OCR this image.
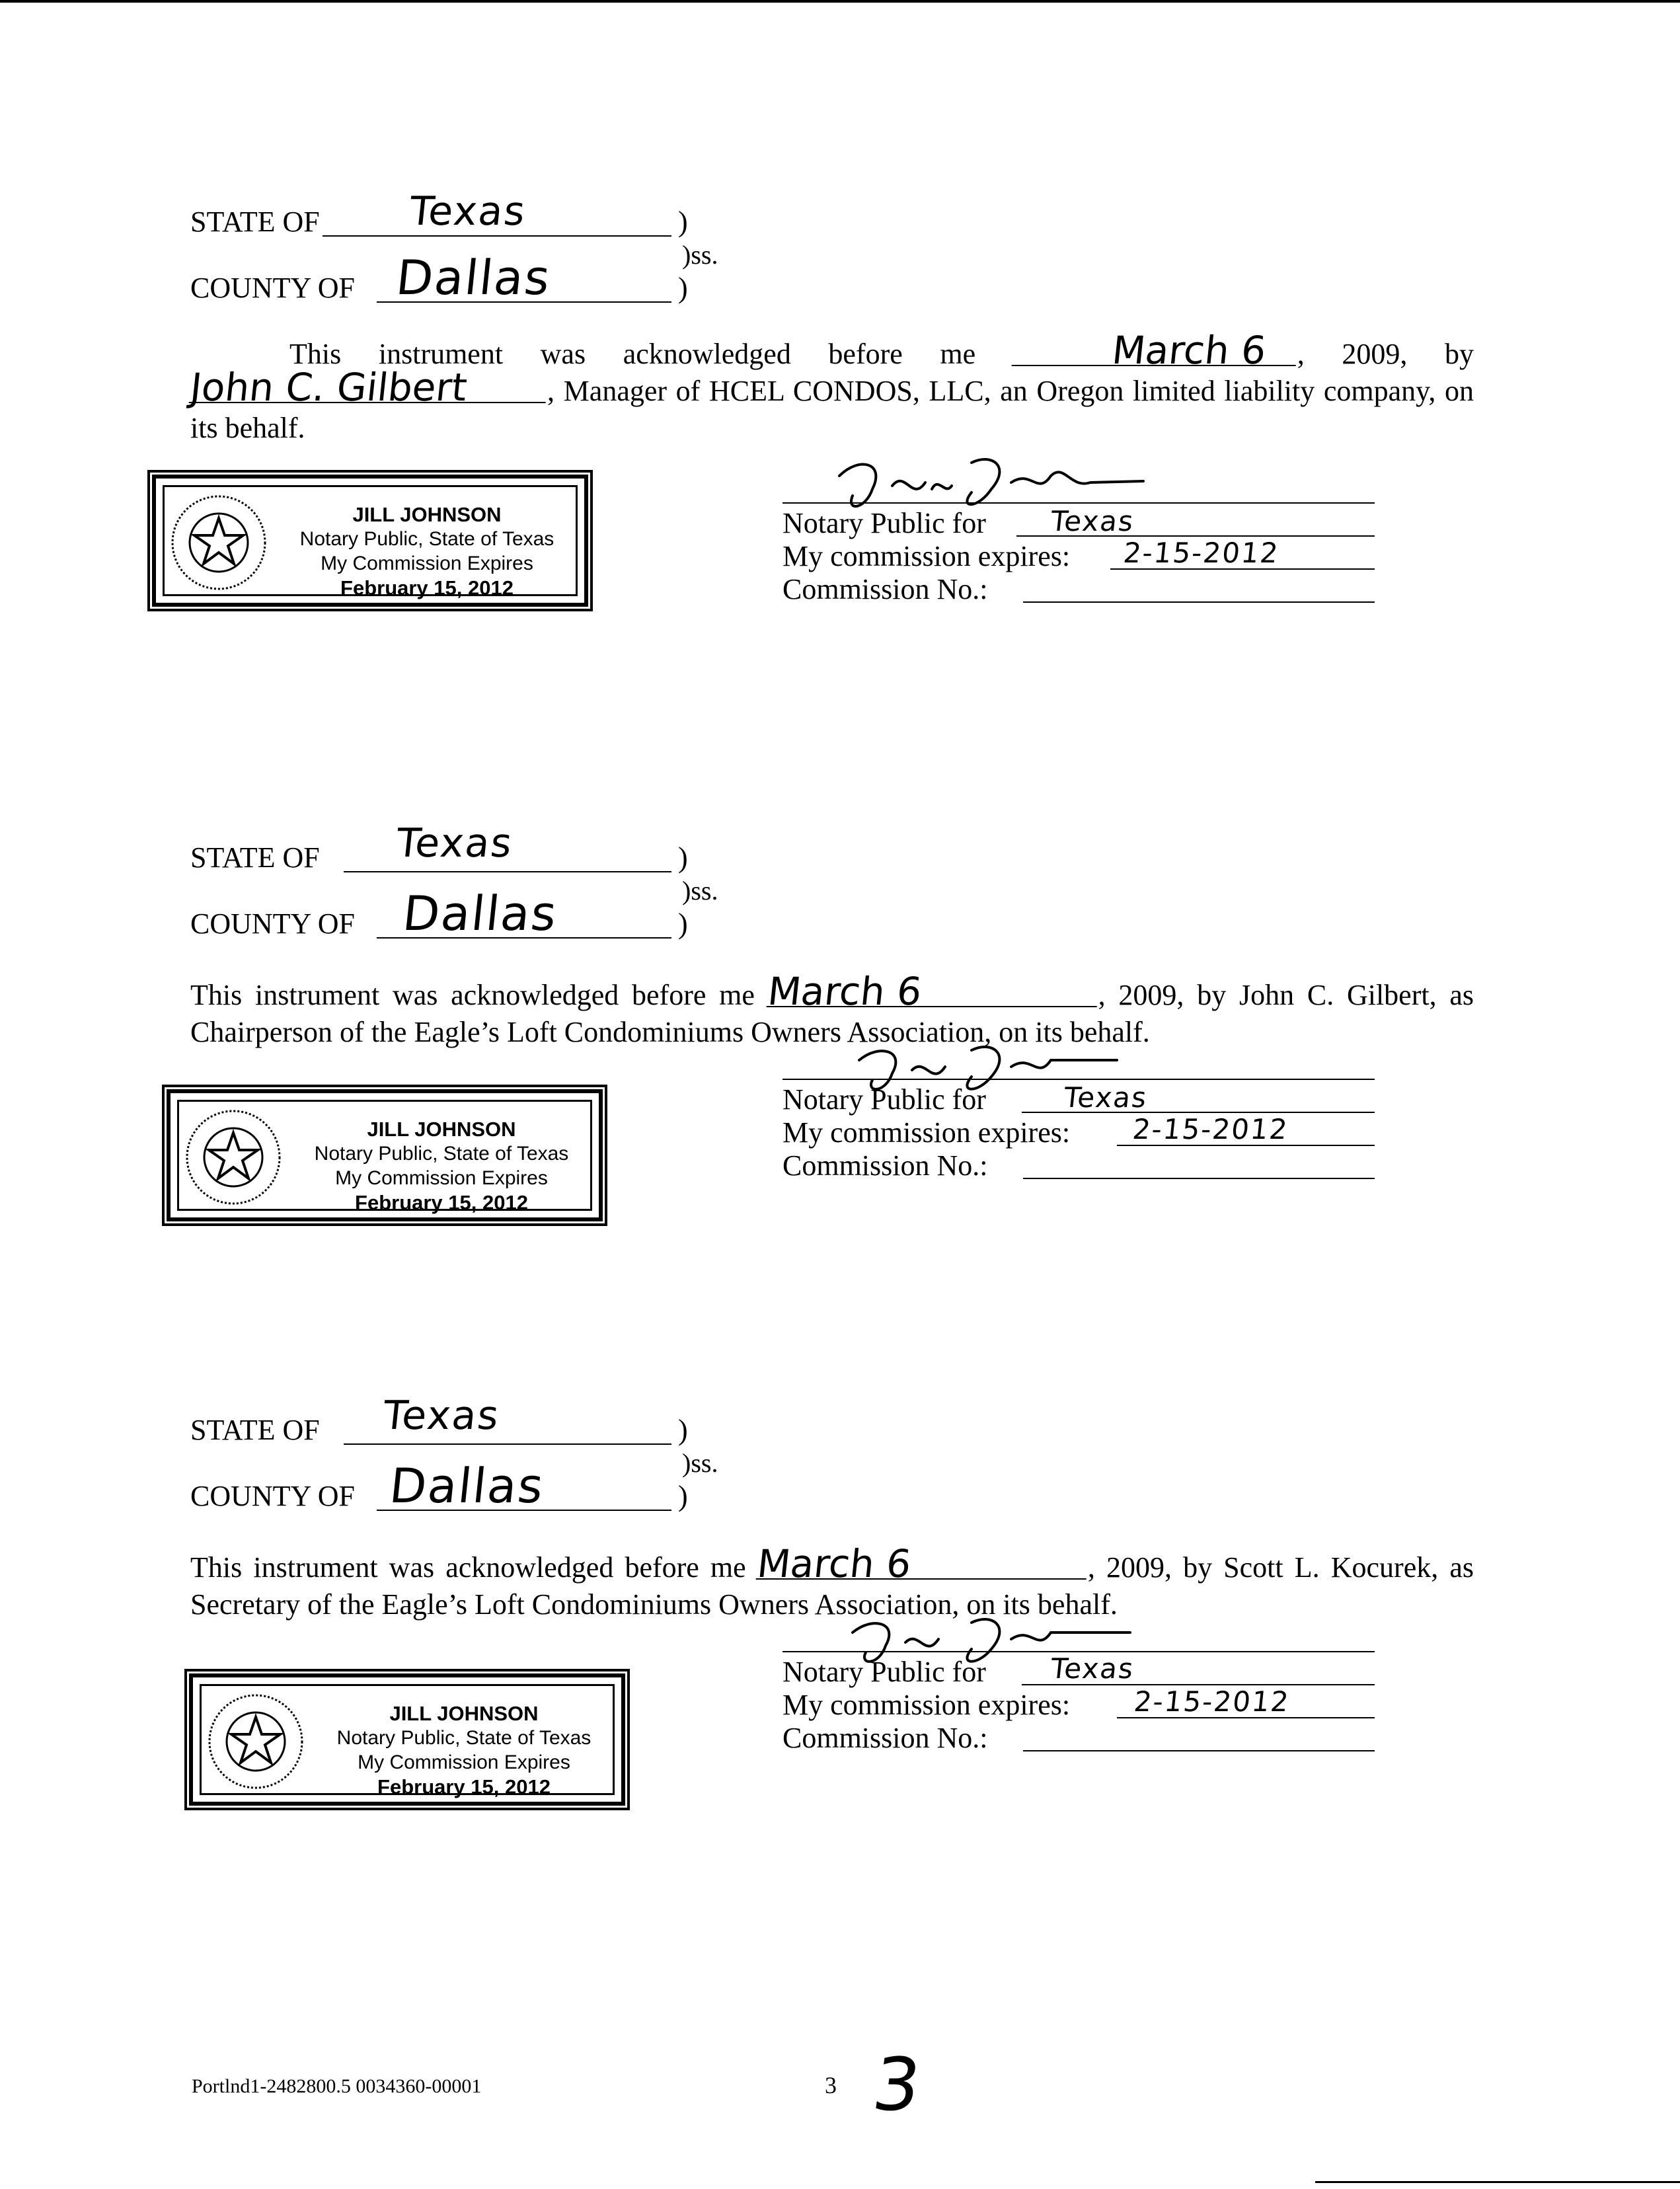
STATE OF Texas	)
)ss.
COUNTY OF Dallas	)
This instrument was acknowledged before me	March 6 , 2009, by John C. Gilbert	, Manager of HCEL CONDOS, LLC, an Oregon limited liability company, on its behalf.
JILL JOHNSON
Notary Public, State of Texas
My Commission Expires
February 15, 2012
Notary Public for Texas
My commission expires: 2-15-2012
Commission No.:
STATE OF Texas	)
)ss.
COUNTY OF Dallas	)
This instrument was acknowledged before me March 6	, 2009, by John C. Gilbert, as Chairperson of the Eagle’s Loft Condominiums Owners Association, on its behalf.
JILL JOHNSON
Notary Public, State of Texas
My Commission Expires
February 15, 2012
Notary Public for	Texas
My commission expires: 2-15-2012
Commission No.:
STATE OF Texas	)
)ss.
COUNTY OF Dallas	)
This instrument was acknowledged before me March 6	, 2009, by Scott L. Kocurek, as Secretary of the Eagle’s Loft Condominiums Owners Association, on its behalf.
JILL JOHNSON
Notary Public, State of Texas
My Commission Expires
February 15, 2012
Notary Public for Texas
My commission expires: 2-15-2012
Commission No.:
Portlnd1-2482800.5 0034360-00001	3 3
